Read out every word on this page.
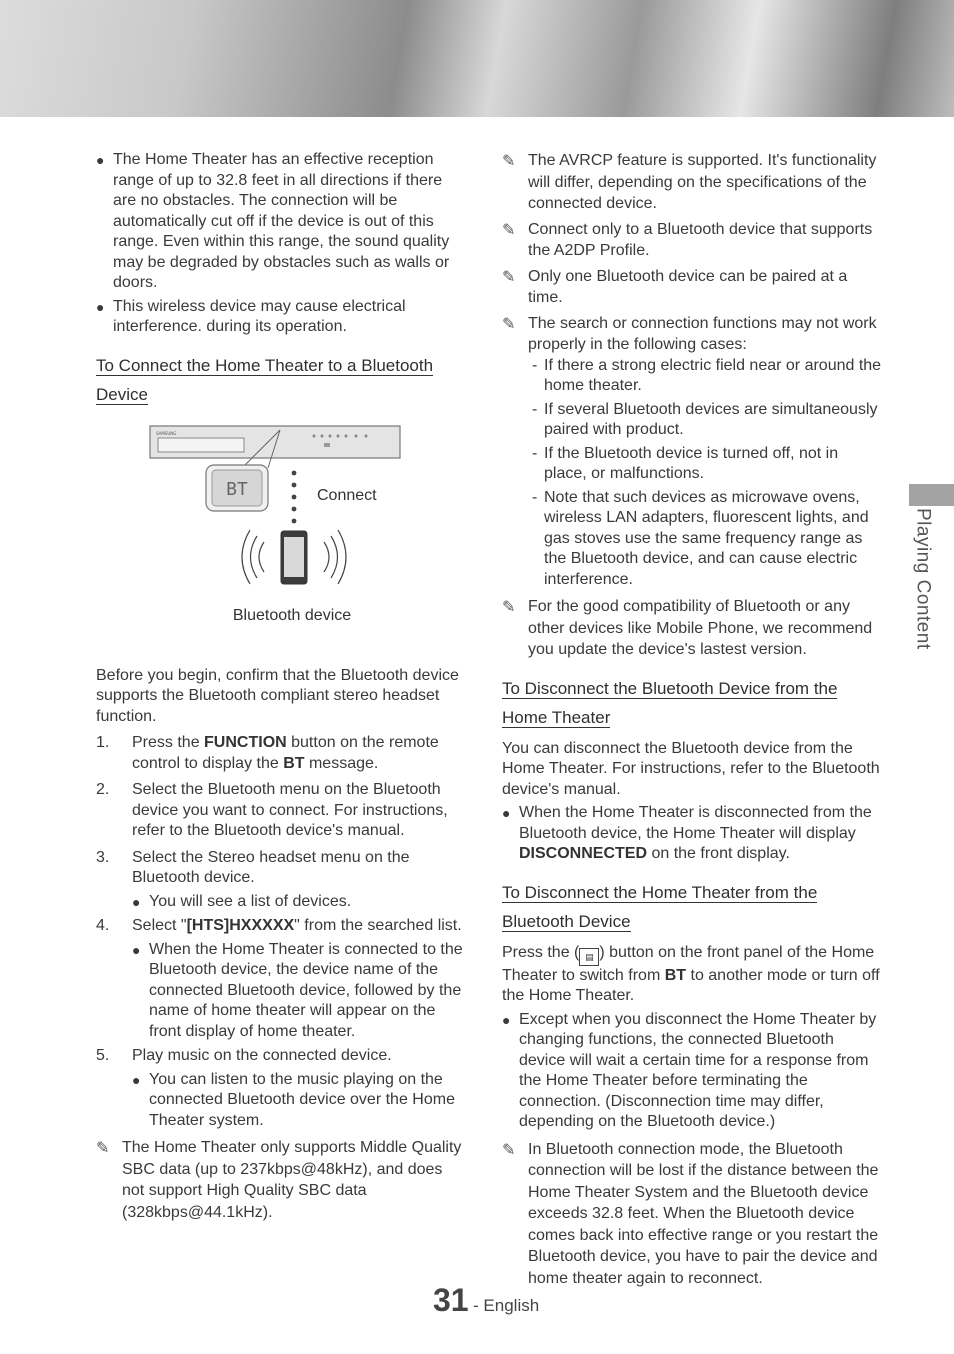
● The Home Theater has an effective reception range of up to 32.8 feet in all directions if there are no obstacles. The connection will be automatically cut off if the device is out of this range. Even within this range, the sound quality may be degraded by obstacles such as walls or doors.
● This wireless device may cause electrical interference. during its operation.
To Connect the Home Theater to a Bluetooth Device
SAMSUNG
BT	Connect
Bluetooth device

Before you begin, confirm that the Bluetooth device supports the Bluetooth compliant stereo headset function.

1. Press the FUNCTION button on the remote control to display the BT message.
2. Select the Bluetooth menu on the Bluetooth device you want to connect. For instructions, refer to the Bluetooth device's manual.
3. Select the Stereo headset menu on the Bluetooth device.
● You will see a list of devices.
4. Select "[HTS]HXXXXX" from the searched list.
● When the Home Theater is connected to the Bluetooth device, the device name of the connected Bluetooth device, followed by the name of home theater will appear on the front display of home theater.
5. Play music on the connected device.
● You can listen to the music playing on the connected Bluetooth device over the Home Theater system.
✎ The Home Theater only supports Middle Quality SBC data (up to 237kbps@48kHz), and does not support High Quality SBC data (328kbps@44.1kHz).
✎ The AVRCP feature is supported. It's functionality will differ, depending on the specifications of the connected device.
✎ Connect only to a Bluetooth device that supports the A2DP Profile.
✎ Only one Bluetooth device can be paired at a time.
✎ The search or connection functions may not work properly in the following cases:
- If there a strong electric field near or around the home theater.
- If several Bluetooth devices are simultaneously paired with product.
- If the Bluetooth device is turned off, not in place, or malfunctions.
- Note that such devices as microwave ovens, wireless LAN adapters, fluorescent lights, and gas stoves use the same frequency range as the Bluetooth device, and can cause electric interference.
✎ For the good compatibility of Bluetooth or any other devices like Mobile Phone, we recommend you update the device's lastest version.
To Disconnect the Bluetooth Device from the Home Theater

You can disconnect the Bluetooth device from the Home Theater. For instructions, refer to the Bluetooth device's manual.

● When the Home Theater is disconnected from the Bluetooth device, the Home Theater will display DISCONNECTED on the front display.
To Disconnect the Home Theater from the Bluetooth Device

Press the ( ▤ ) button on the front panel of the Home Theater to switch from BT to another mode or turn off the Home Theater.

● Except when you disconnect the Home Theater by changing functions, the connected Bluetooth device will wait a certain time for a response from the Home Theater before terminating the connection. (Disconnection time may differ, depending on the Bluetooth device.)
✎ In Bluetooth connection mode, the Bluetooth connection will be lost if the distance between the Home Theater System and the Bluetooth device exceeds 32.8 feet. When the Bluetooth device comes back into effective range or you restart the Bluetooth device, you have to pair the device and home theater again to reconnect.
Playing Content
31 - English
